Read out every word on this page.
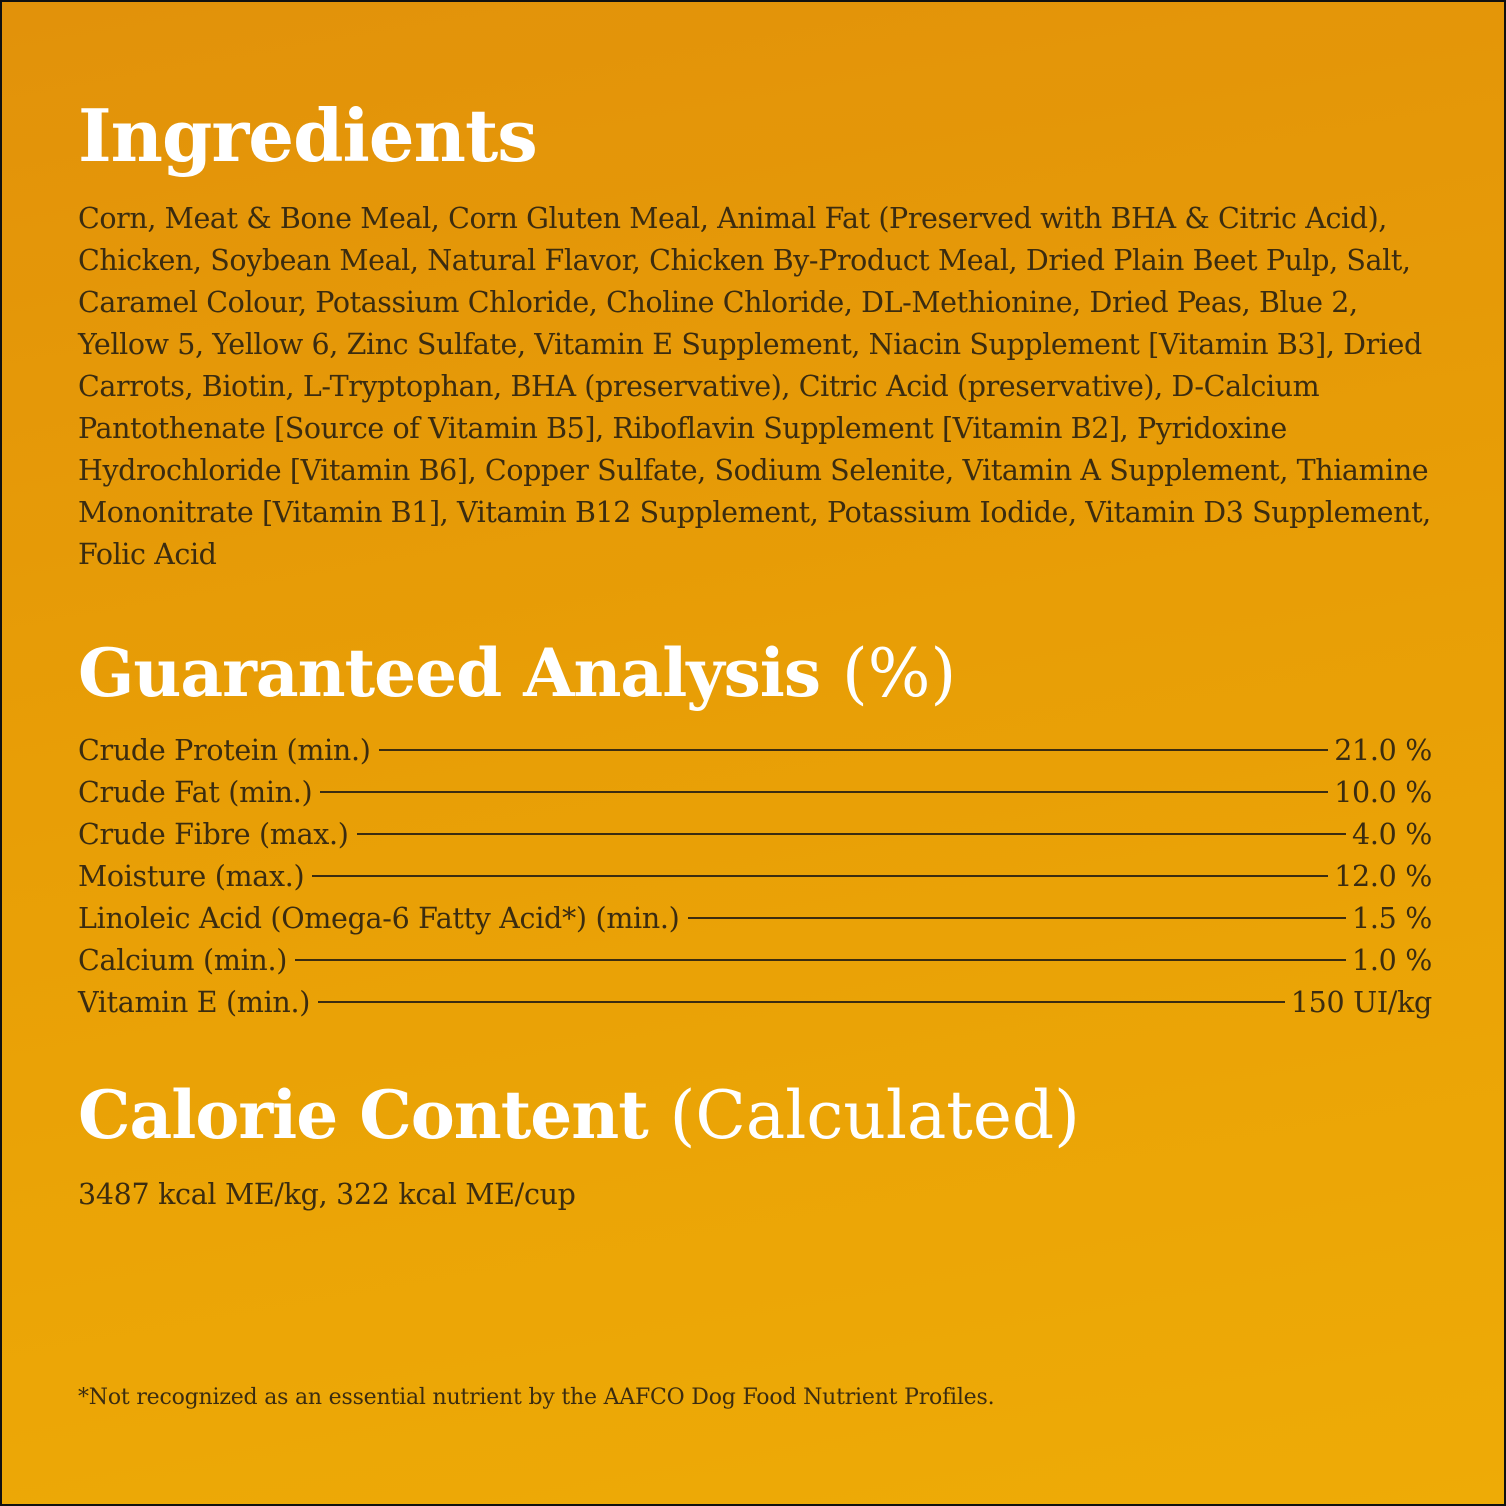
Ingredients

Corn, Meat & Bone Meal, Corn Gluten Meal, Animal Fat (Preserved with BHA & Citric Acid), Chicken, Soybean Meal, Natural Flavor, Chicken By-Product Meal, Dried Plain Beet Pulp, Salt, Caramel Colour, Potassium Chloride, Choline Chloride, DL-Methionine, Dried Peas, Blue 2, Yellow 5, Yellow 6, Zinc Sulfate, Vitamin E Supplement, Niacin Supplement [Vitamin B3], Dried Carrots, Biotin, L-Tryptophan, BHA (preservative), Citric Acid (preservative), D-Calcium Pantothenate [Source of Vitamin B5], Riboflavin Supplement [Vitamin B2], Pyridoxine Hydrochloride [Vitamin B6], Copper Sulfate, Sodium Selenite, Vitamin A Supplement, Thiamine Mononitrate [Vitamin B1], Vitamin B12 Supplement, Potassium Iodide, Vitamin D3 Supplement, Folic Acid

Guaranteed Analysis (%)
Crude Protein (min.)	21.0 %
Crude Fat (min.)	10.0 %
Crude Fibre (max.)	4.0 %
Moisture (max.)	12.0 %
Linoleic Acid (Omega-6 Fatty Acid*) (min.)	1.5 %
Calcium (min.)	1.0 %
Vitamin E (min.)	150 UI/kg
Calorie Content (Calculated)

3487 kcal ME/kg, 322 kcal ME/cup

*Not recognized as an essential nutrient by the AAFCO Dog Food Nutrient Profiles.
